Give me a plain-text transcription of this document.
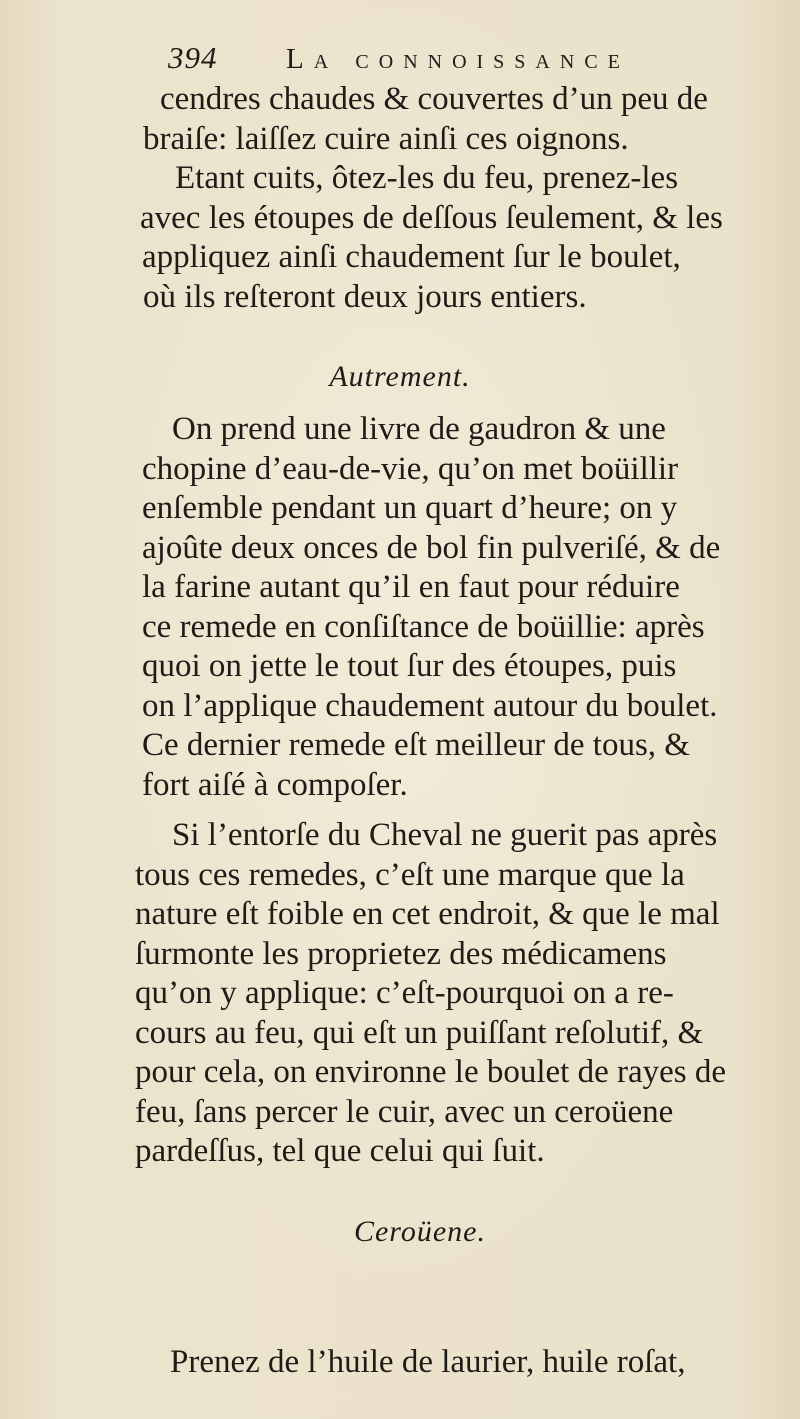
394	La connoissance
cendres chaudes & couvertes d’un peu de
braiſe: laiſſez cuire ainſi ces oignons.
Etant cuits, ôtez-les du feu, prenez-les
avec les étoupes de deſſous ſeulement, & les
appliquez ainſi chaudement ſur le boulet,
où ils reſteront deux jours entiers.
Autrement.
On prend une livre de gaudron & une
chopine d’eau-de-vie, qu’on met boüillir
enſemble pendant un quart d’heure; on y
ajoûte deux onces de bol fin pulveriſé, & de
la farine autant qu’il en faut pour réduire
ce remede en conſiſtance de boüillie: après
quoi on jette le tout ſur des étoupes, puis
on l’applique chaudement autour du boulet.
Ce dernier remede eſt meilleur de tous, &
fort aiſé à compoſer.
Si l’entorſe du Cheval ne guerit pas après
tous ces remedes, c’eſt une marque que la
nature eſt foible en cet endroit, & que le mal
ſurmonte les proprietez des médicamens
qu’on y applique: c’eſt-pourquoi on a re-
cours au feu, qui eſt un puiſſant reſolutif, &
pour cela, on environne le boulet de rayes de
feu, ſans percer le cuir, avec un ceroüene
pardeſſus, tel que celui qui ſuit.
Ceroüene.
Prenez de l’huile de laurier, huile roſat,
